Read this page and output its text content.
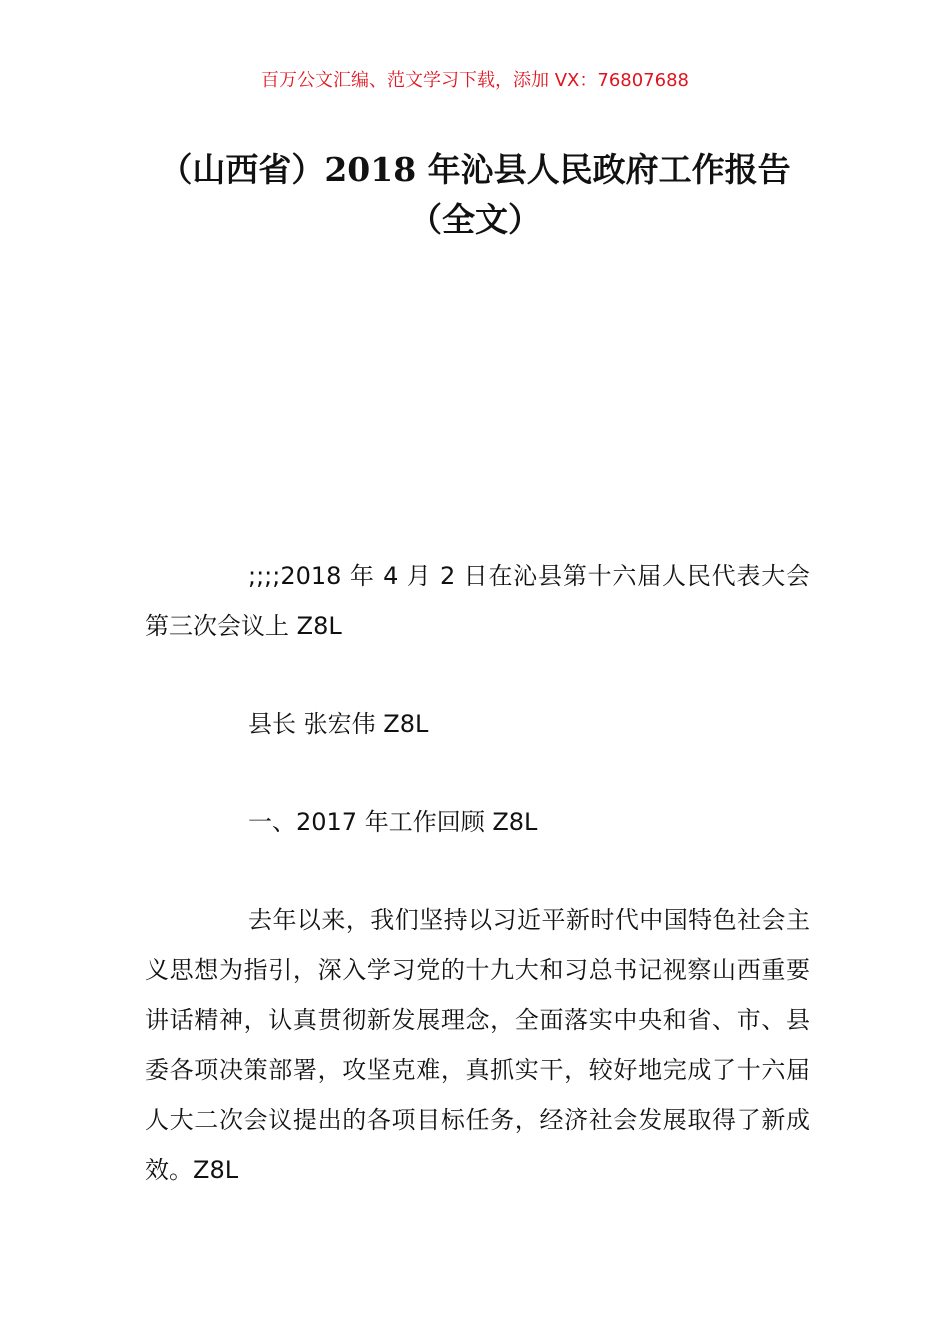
百万公文汇编、范文学习下载，添加 VX：76807688
（山西省）2018 年沁县人民政府工作报告
（全文）

;;;;2018 年 4 月 2 日在沁县第十六届人民代表大会第三次会议上 Z8L

县长 张宏伟 Z8L

一、2017 年工作回顾 Z8L

去年以来，我们坚持以习近平新时代中国特色社会主义思想为指引，深入学习党的十九大和习总书记视察山西重要讲话精神，认真贯彻新发展理念，全面落实中央和省、市、县委各项决策部署，攻坚克难，真抓实干，较好地完成了十六届人大二次会议提出的各项目标任务，经济社会发展取得了新成效。Z8L
